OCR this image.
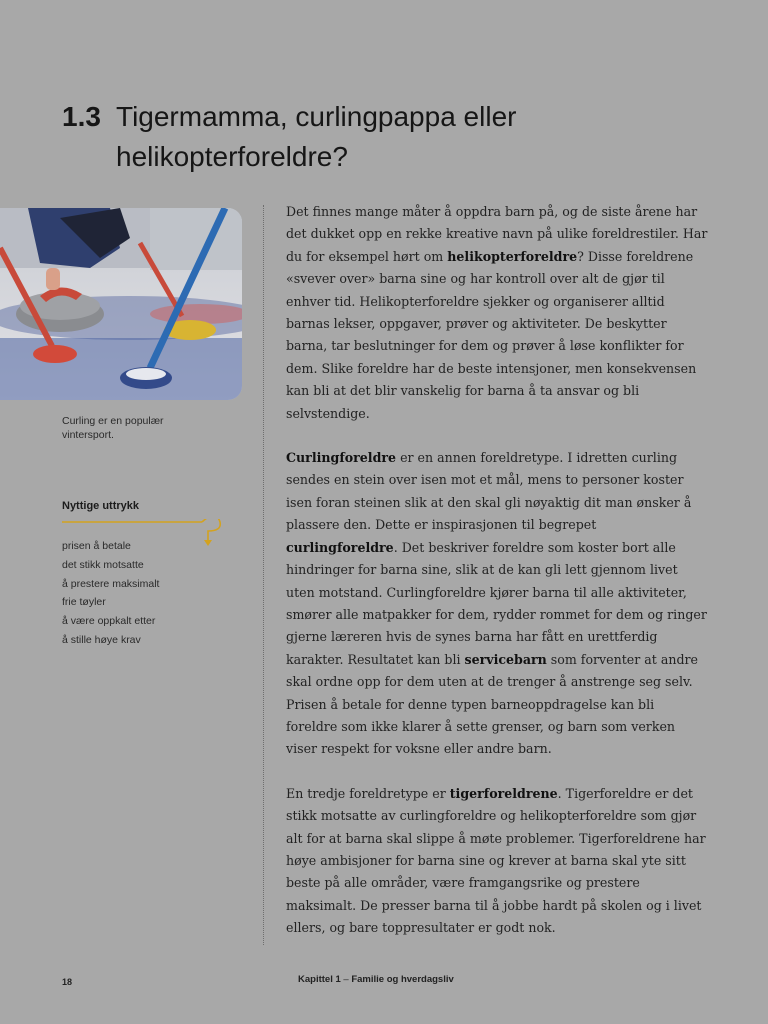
1.3 Tigermamma, curlingpappa eller
helikopterforeldre?
Curling er en populær vintersport.
Nyttige uttrykk
prisen å betale
det stikk motsatte
å prestere maksimalt
frie tøyler
å være oppkalt etter
å stille høye krav

Det finnes mange måter å oppdra barn på, og de siste årene har det dukket opp en rekke kreative navn på ulike foreldrestiler. Har du for eksempel hørt om helikopterforeldre? Disse foreldrene «svever over» barna sine og har kontroll over alt de gjør til enhver tid. Helikopterforeldre sjekker og organiserer alltid barnas lekser, oppgaver, prøver og aktiviteter. De beskytter barna, tar beslutninger for dem og prøver å løse konflikter for dem. Slike foreldre har de beste intensjoner, men konsekvensen kan bli at det blir vanskelig for barna å ta ansvar og bli selvstendige.

Curlingforeldre er en annen foreldretype. I idretten curling sendes en stein over isen mot et mål, mens to personer koster isen foran steinen slik at den skal gli nøyaktig dit man ønsker å plassere den. Dette er inspirasjonen til begrepet curlingforeldre. Det beskriver foreldre som koster bort alle hindringer for barna sine, slik at de kan gli lett gjennom livet uten motstand. Curlingforeldre kjører barna til alle aktiviteter, smører alle matpakker for dem, rydder rommet for dem og ringer gjerne læreren hvis de synes barna har fått en urettferdig karakter. Resultatet kan bli servicebarn som forventer at andre skal ordne opp for dem uten at de trenger å anstrenge seg selv. Prisen å betale for denne typen barneoppdragelse kan bli foreldre som ikke klarer å sette grenser, og barn som verken viser respekt for voksne eller andre barn.

En tredje foreldretype er tigerforeldrene. Tigerforeldre er det stikk motsatte av curlingforeldre og helikopterforeldre som gjør alt for at barna skal slippe å møte problemer. Tigerforeldrene har høye ambisjoner for barna sine og krever at barna skal yte sitt beste på alle områder, være framgangsrike og prestere maksimalt. De presser barna til å jobbe hardt på skolen og i livet ellers, og bare toppresultater er godt nok.

18	Kapittel 1 – Familie og hverdagsliv
